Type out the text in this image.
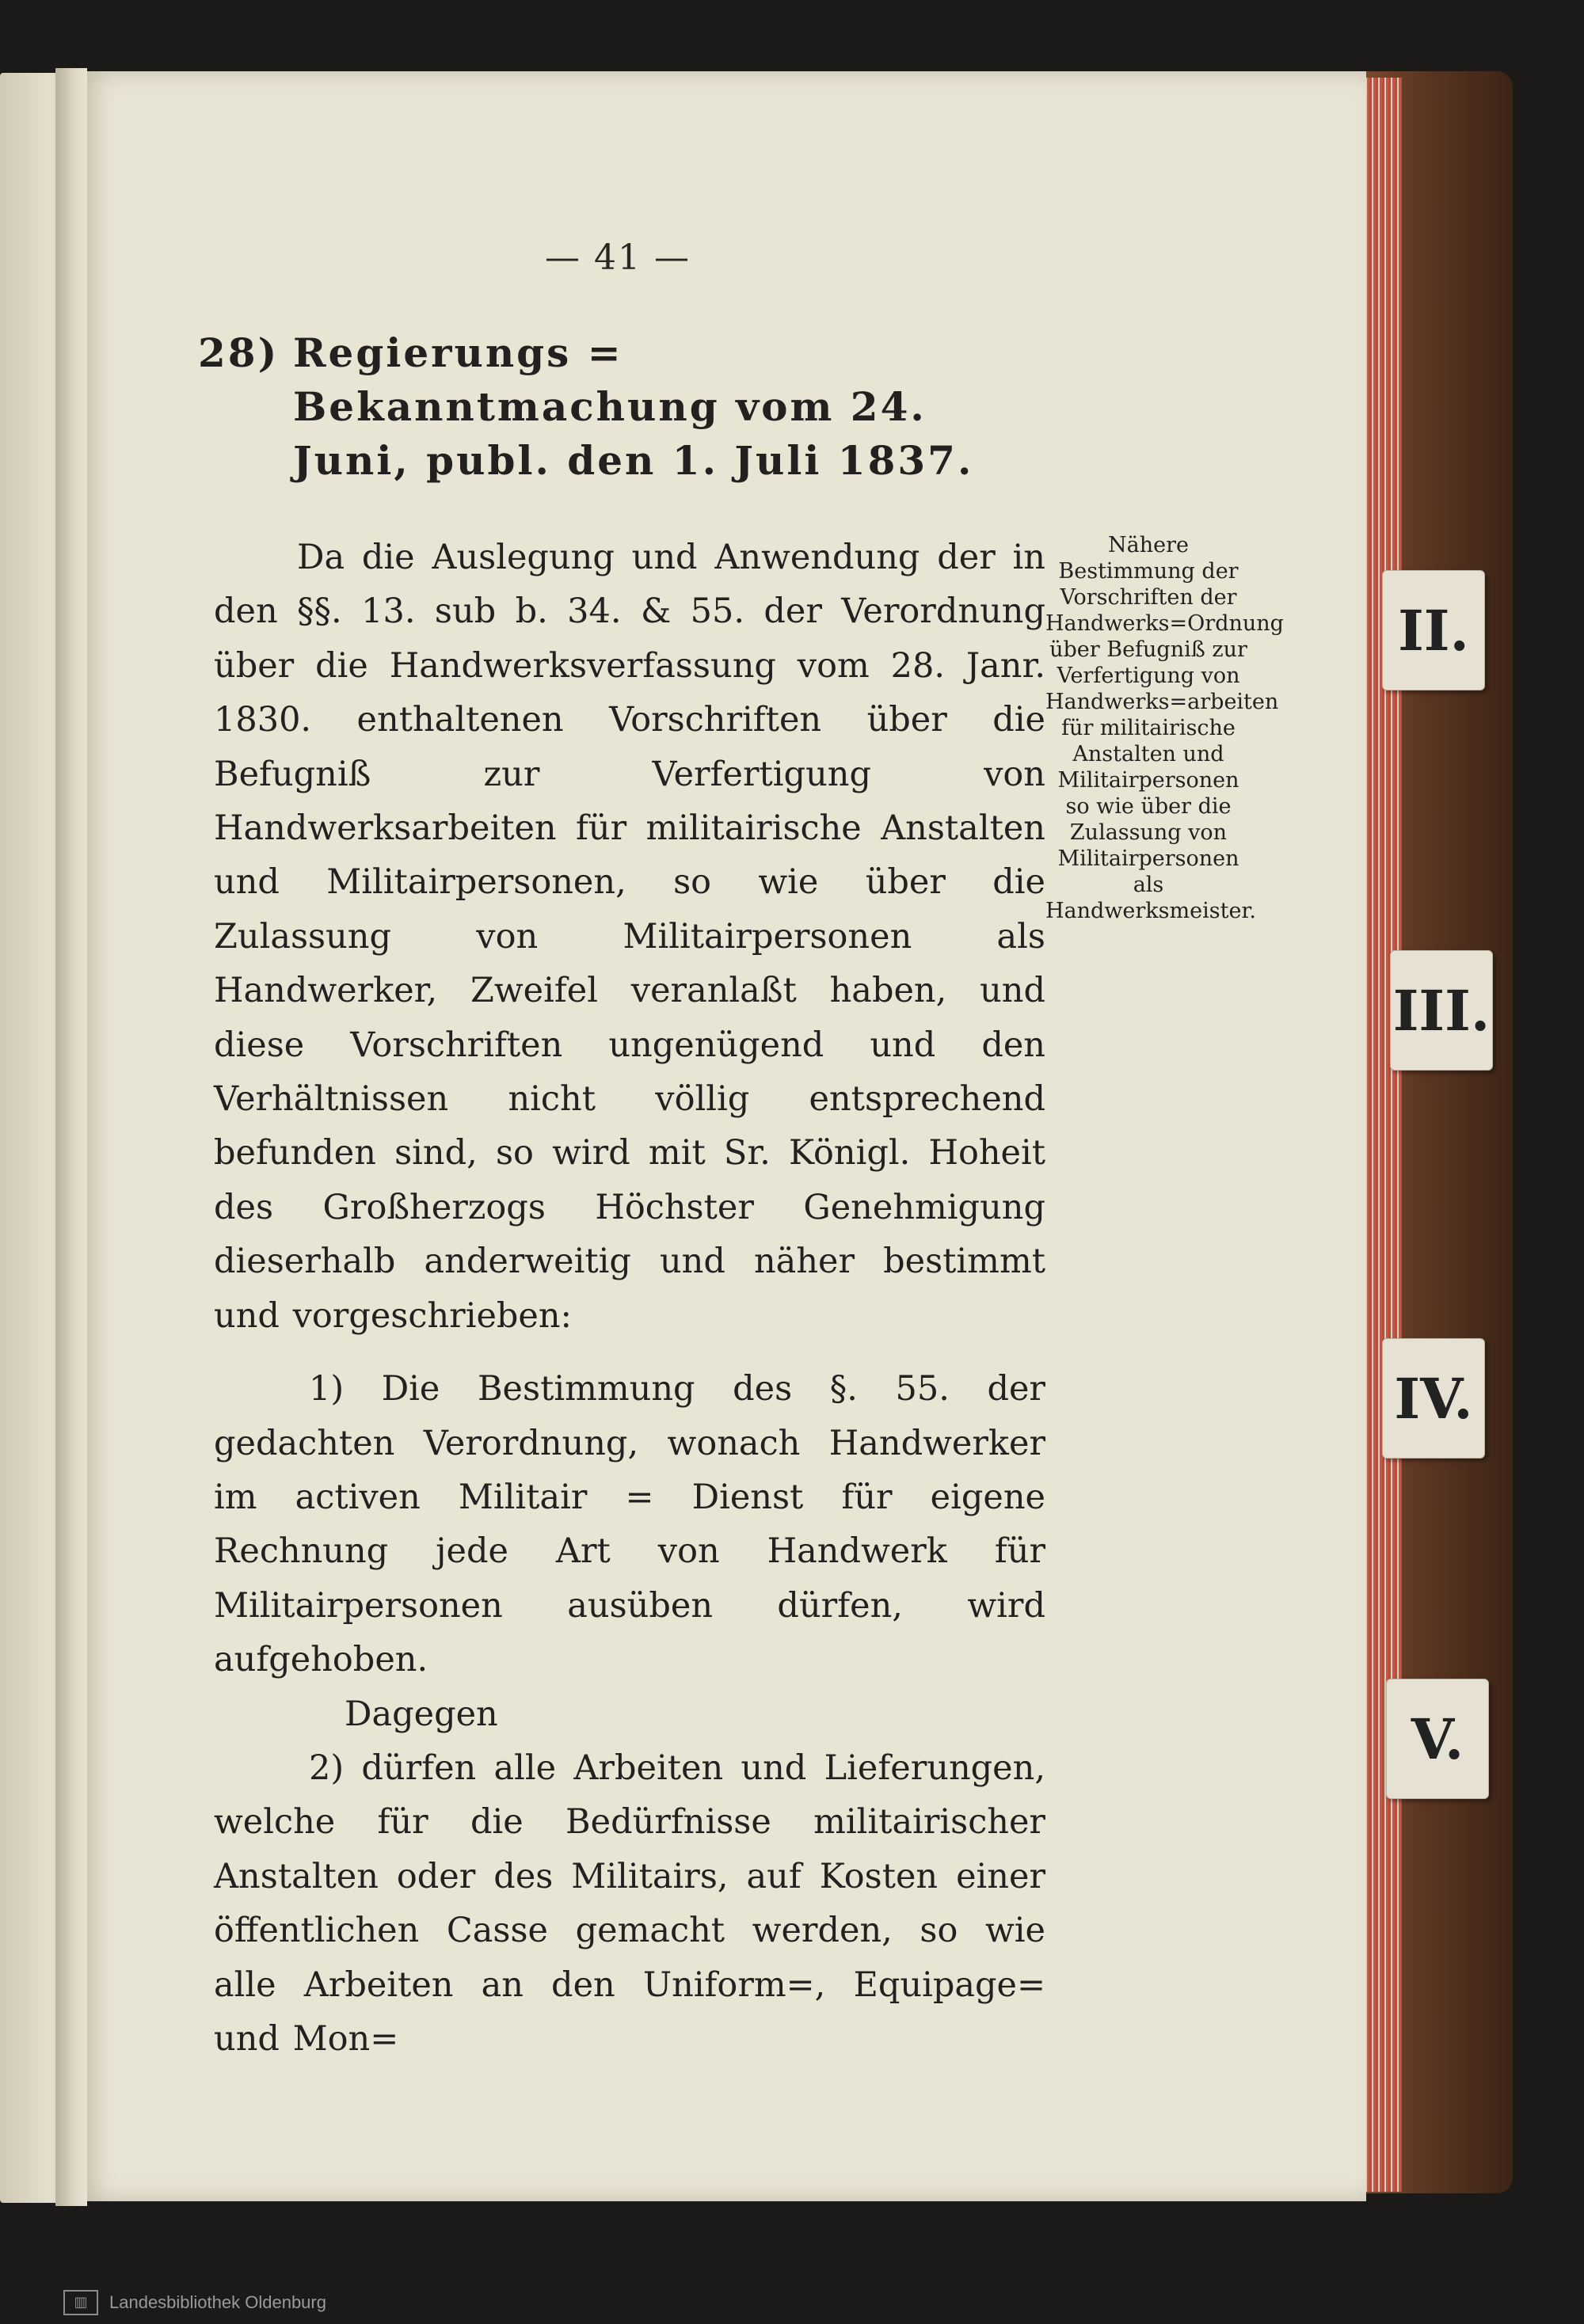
II.
III.
IV.
V.
— 41 —
28) Regierungs = Bekanntmachung vom 24. Juni, publ. den 1. Juli 1837.

Da die Auslegung und Anwendung der in den §§. 13. sub b. 34. & 55. der Verordnung über die Handwerksverfassung vom 28. Janr. 1830. enthaltenen Vorschriften über die Befugniß zur Verfertigung von Handwerksarbeiten für militairische Anstalten und Militairpersonen, so wie über die Zulassung von Militairpersonen als Handwerker, Zweifel veranlaßt haben, und diese Vorschriften ungenügend und den Verhältnissen nicht völlig entsprechend befunden sind, so wird mit Sr. Königl. Hoheit des Großherzogs Höchster Genehmigung dieserhalb anderweitig und näher bestimmt und vorgeschrieben:

1) Die Bestimmung des §. 55. der gedachten Verordnung, wonach Handwerker im activen Militair = Dienst für eigene Rechnung jede Art von Handwerk für Militairpersonen ausüben dürfen, wird aufgehoben.

Dagegen

2) dürfen alle Arbeiten und Lieferungen, welche für die Bedürfnisse militairischer Anstalten oder des Militairs, auf Kosten einer öffentlichen Casse gemacht werden, so wie alle Arbeiten an den Uniform=, Equipage= und Mon=

Nähere Bestimmung der Vorschriften der Handwerks=Ordnung über Befugniß zur Verfertigung von Handwerks=arbeiten für militairische Anstalten und Militairpersonen so wie über die Zulassung von Militairpersonen als Handwerksmeister.
▥	Landesbibliothek Oldenburg
